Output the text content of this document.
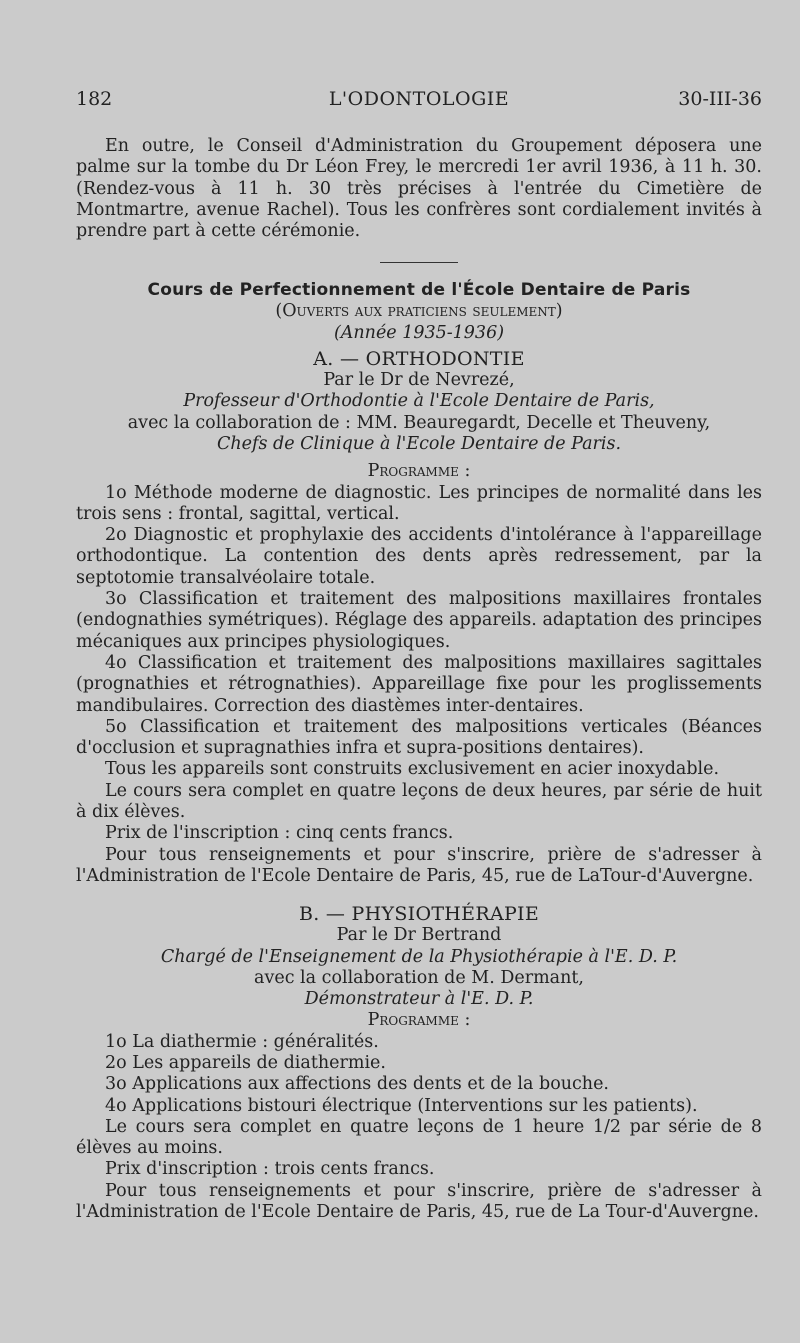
182	L'ODONTOLOGIE	30-III-36

En outre, le Conseil d'Administration du Groupement déposera une palme sur la tombe du Dr Léon Frey, le mercredi 1er avril 1936, à 11 h. 30. (Rendez-vous à 11 h. 30 très précises à l'entrée du Cimetière de Montmartre, avenue Rachel). Tous les confrères sont cordialement invités à prendre part à cette cérémonie.

Cours de Perfectionnement de l'École Dentaire de Paris

(Ouverts aux praticiens seulement)

(Année 1935-1936)

A. — ORTHODONTIE

Par le Dr de Nevrezé,

Professeur d'Orthodontie à l'Ecole Dentaire de Paris,

avec la collaboration de : MM. Beauregardt, Decelle et Theuveny,

Chefs de Clinique à l'Ecole Dentaire de Paris.

Programme :

1o Méthode moderne de diagnostic. Les principes de normalité dans les trois sens : frontal, sagittal, vertical.

2o Diagnostic et prophylaxie des accidents d'intolérance à l'appareillage orthodontique. La contention des dents après redressement, par la septotomie transalvéolaire totale.

3o Classification et traitement des malpositions maxillaires frontales (endognathies symétriques). Réglage des appareils. adaptation des principes mécaniques aux principes physiologiques.

4o Classification et traitement des malpositions maxillaires sagittales (prognathies et rétrognathies). Appareillage fixe pour les proglissements mandibulaires. Correction des diastèmes inter-dentaires.

5o Classification et traitement des malpositions verticales (Béances d'occlusion et supragnathies infra et supra-positions dentaires).

Tous les appareils sont construits exclusivement en acier inoxydable.

Le cours sera complet en quatre leçons de deux heures, par série de huit à dix élèves.

Prix de l'inscription : cinq cents francs.

Pour tous renseignements et pour s'inscrire, prière de s'adresser à l'Administration de l'Ecole Dentaire de Paris, 45, rue de LaTour-d'Auvergne.

B. — PHYSIOTHÉRAPIE

Par le Dr Bertrand

Chargé de l'Enseignement de la Physiothérapie à l'E. D. P.

avec la collaboration de M. Dermant,

Démonstrateur à l'E. D. P.

Programme :

1o La diathermie : généralités.

2o Les appareils de diathermie.

3o Applications aux affections des dents et de la bouche.

4o Applications bistouri électrique (Interventions sur les patients).

Le cours sera complet en quatre leçons de 1 heure 1/2 par série de 8 élèves au moins.

Prix d'inscription : trois cents francs.

Pour tous renseignements et pour s'inscrire, prière de s'adresser à l'Administration de l'Ecole Dentaire de Paris, 45, rue de La Tour-d'Auvergne.
